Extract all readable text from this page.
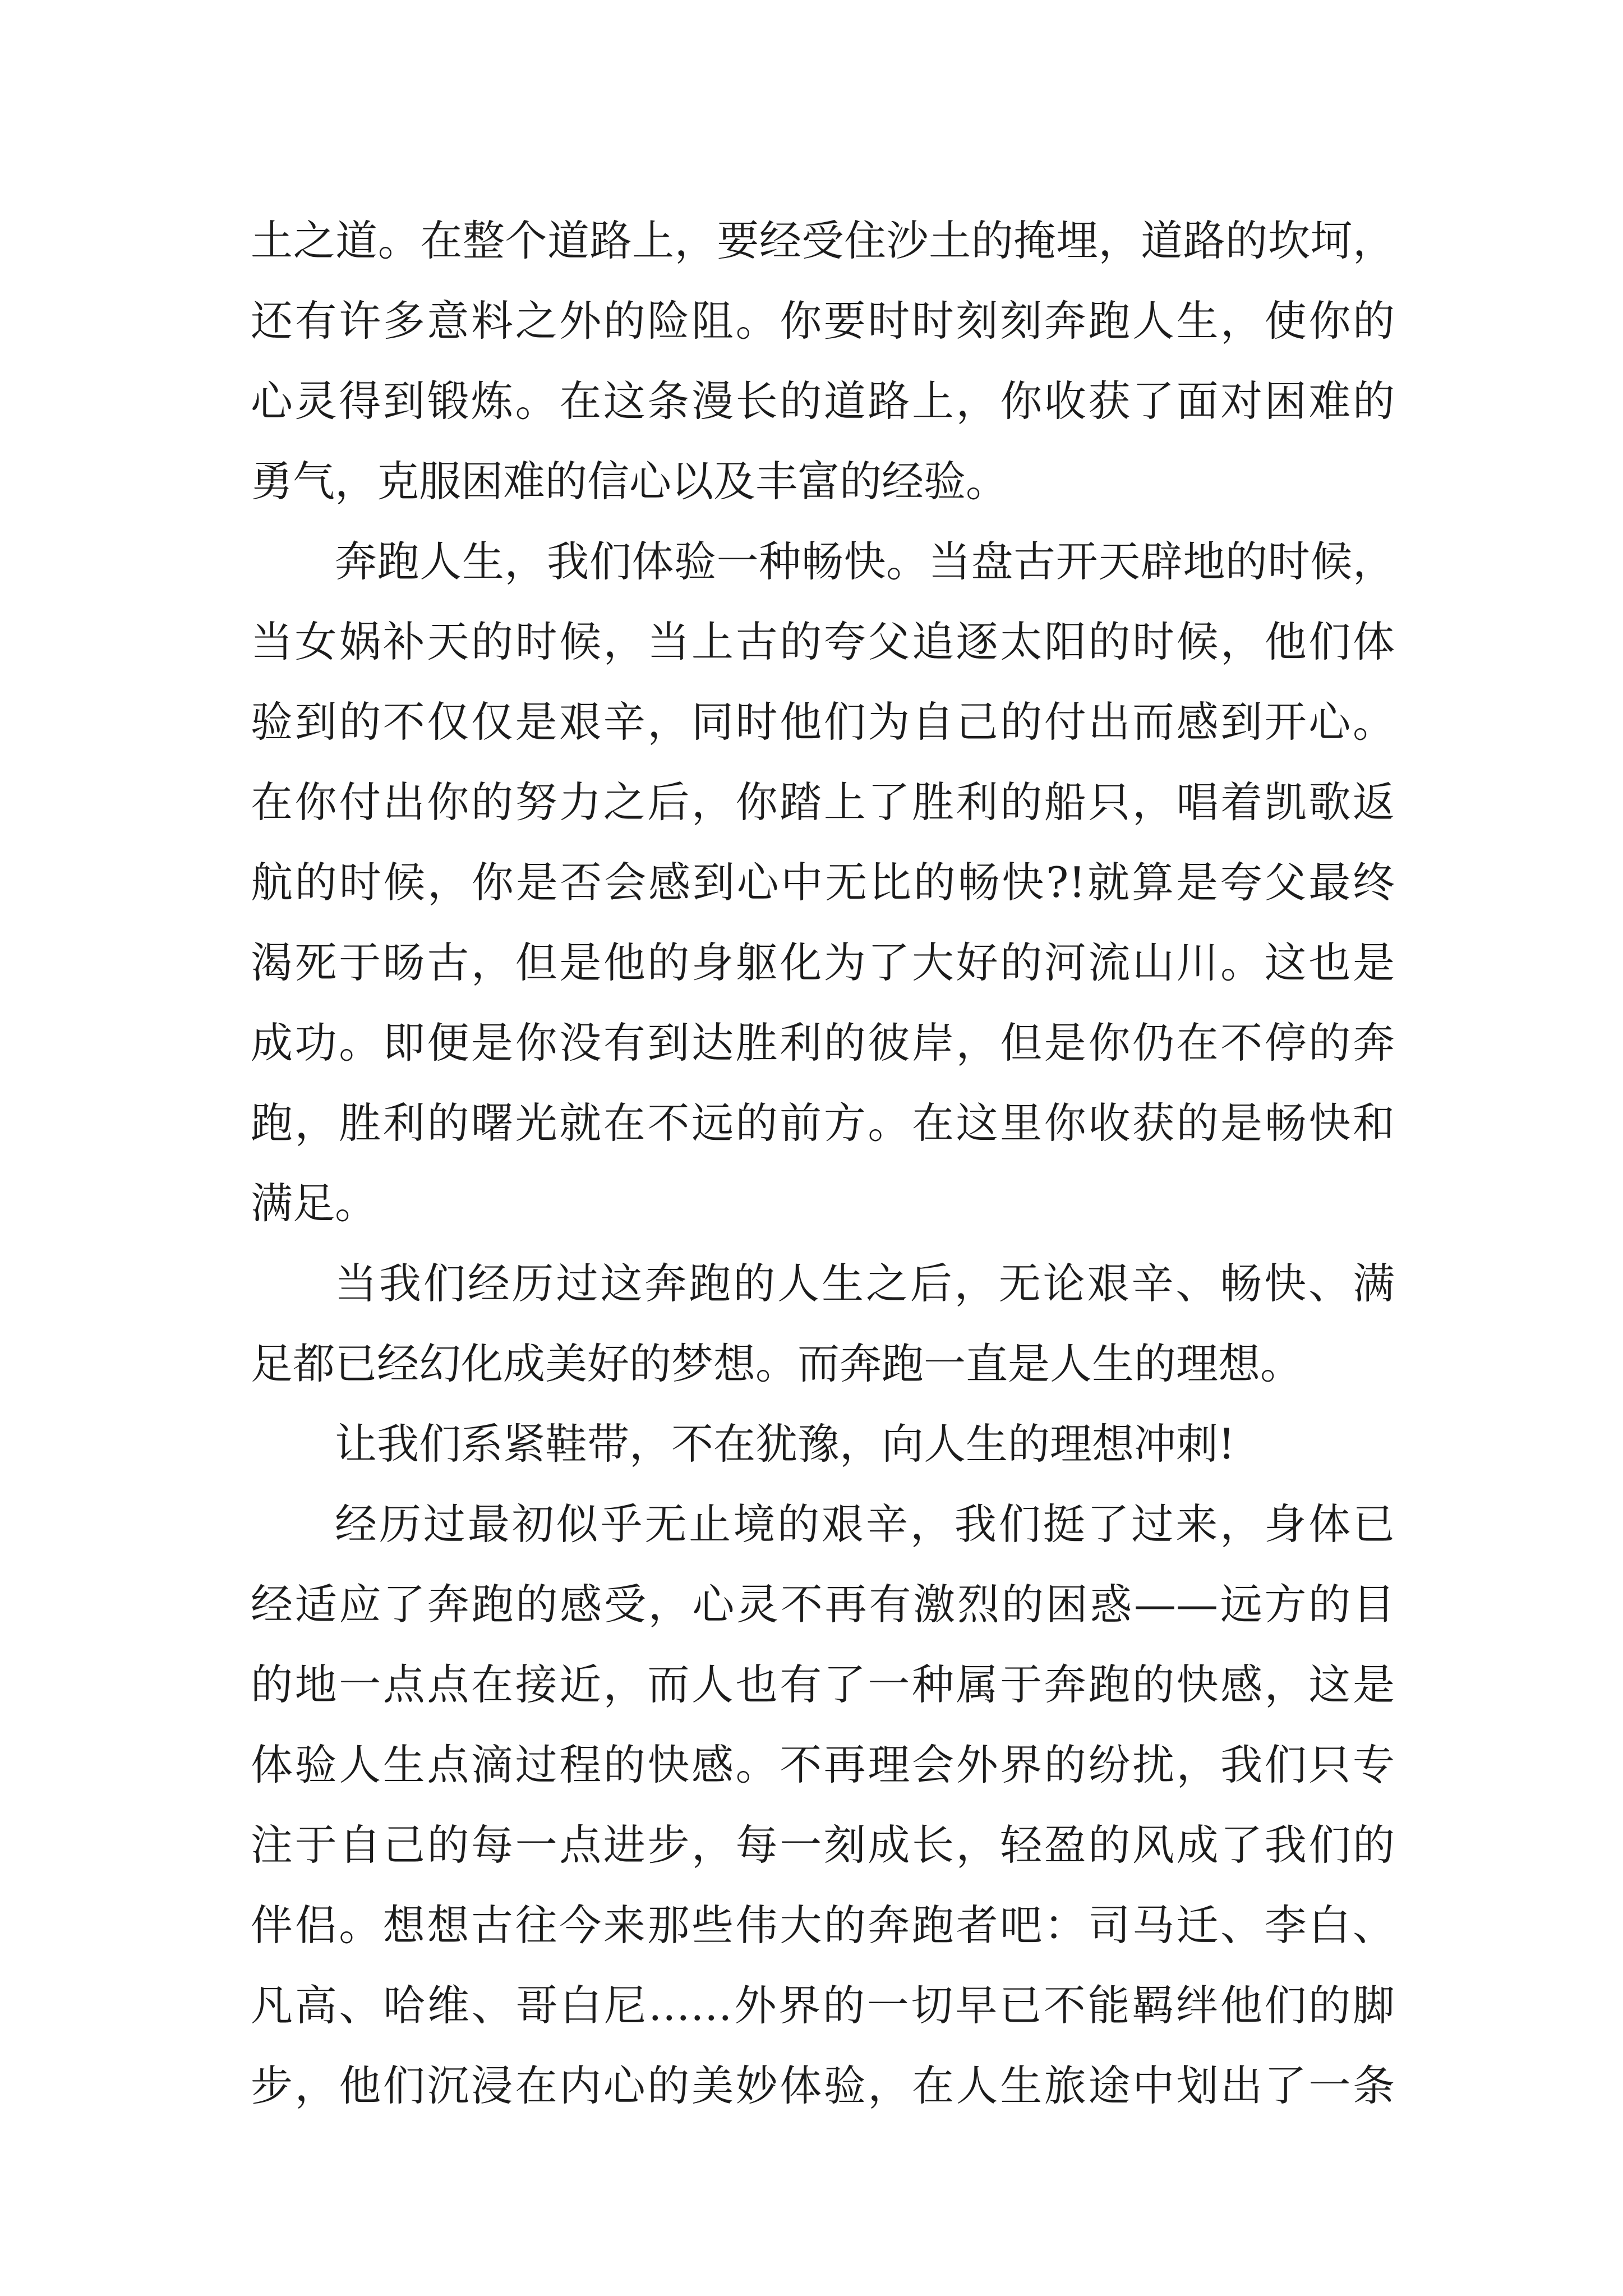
土之道。在整个道路上，要经受住沙土的掩埋，道路的坎坷，
还有许多意料之外的险阻。你要时时刻刻奔跑人生，使你的
心灵得到锻炼。在这条漫长的道路上，你收获了面对困难的
勇气，克服困难的信心以及丰富的经验。
奔跑人生，我们体验一种畅快。当盘古开天辟地的时候，
当女娲补天的时候，当上古的夸父追逐太阳的时候，他们体
验到的不仅仅是艰辛，同时他们为自己的付出而感到开心。
在你付出你的努力之后，你踏上了胜利的船只，唱着凯歌返
航的时候，你是否会感到心中无比的畅快?!就算是夸父最终
渴死于旸古，但是他的身躯化为了大好的河流山川。这也是
成功。即便是你没有到达胜利的彼岸，但是你仍在不停的奔
跑，胜利的曙光就在不远的前方。在这里你收获的是畅快和
满足。
当我们经历过这奔跑的人生之后，无论艰辛、畅快、满
足都已经幻化成美好的梦想。而奔跑一直是人生的理想。
让我们系紧鞋带，不在犹豫，向人生的理想冲刺!
经历过最初似乎无止境的艰辛，我们挺了过来，身体已
经适应了奔跑的感受，心灵不再有激烈的困惑——远方的目
的地一点点在接近，而人也有了一种属于奔跑的快感，这是
体验人生点滴过程的快感。不再理会外界的纷扰，我们只专
注于自己的每一点进步，每一刻成长，轻盈的风成了我们的
伴侣。想想古往今来那些伟大的奔跑者吧：司马迁、李白、
凡高、哈维、哥白尼……外界的一切早已不能羁绊他们的脚
步，他们沉浸在内心的美妙体验，在人生旅途中划出了一条
